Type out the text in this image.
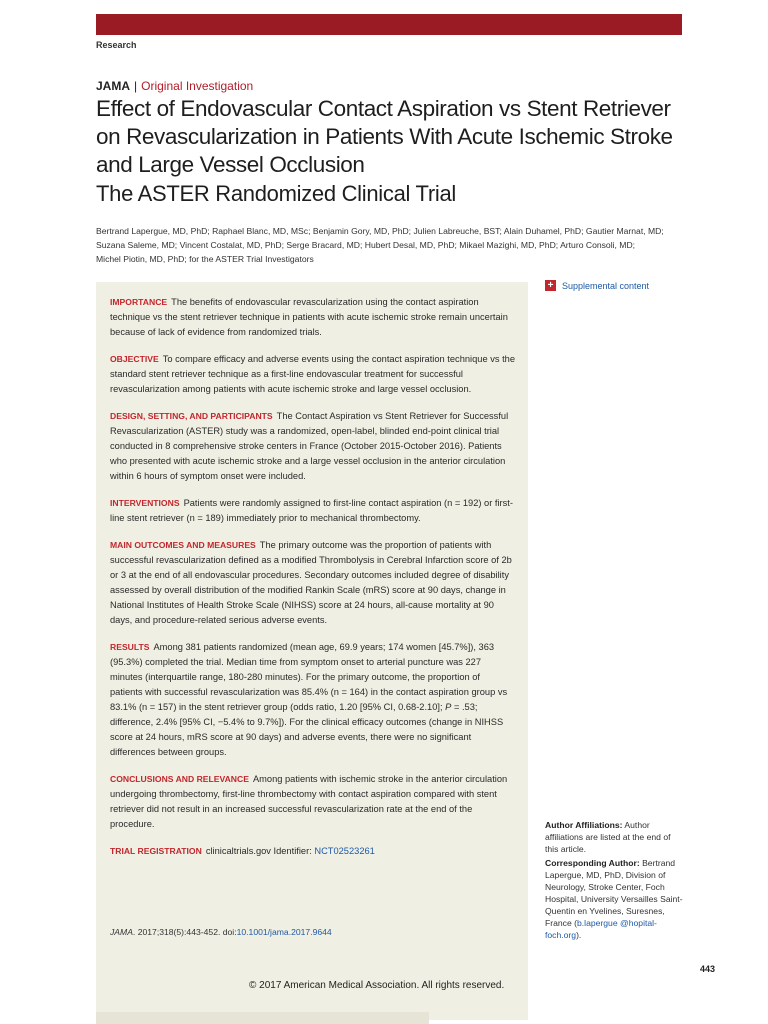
Research
JAMA | Original Investigation
Effect of Endovascular Contact Aspiration vs Stent Retriever on Revascularization in Patients With Acute Ischemic Stroke and Large Vessel Occlusion
The ASTER Randomized Clinical Trial
Bertrand Lapergue, MD, PhD; Raphael Blanc, MD, MSc; Benjamin Gory, MD, PhD; Julien Labreuche, BST; Alain Duhamel, PhD; Gautier Marnat, MD;
Suzana Saleme, MD; Vincent Costalat, MD, PhD; Serge Bracard, MD; Hubert Desal, MD, PhD; Mikael Mazighi, MD, PhD; Arturo Consoli, MD;
Michel Piotin, MD, PhD; for the ASTER Trial Investigators
+ Supplemental content

IMPORTANCE The benefits of endovascular revascularization using the contact aspiration technique vs the stent retriever technique in patients with acute ischemic stroke remain uncertain because of lack of evidence from randomized trials.

OBJECTIVE To compare efficacy and adverse events using the contact aspiration technique vs the standard stent retriever technique as a first-line endovascular treatment for successful revascularization among patients with acute ischemic stroke and large vessel occlusion.

DESIGN, SETTING, AND PARTICIPANTS The Contact Aspiration vs Stent Retriever for Successful Revascularization (ASTER) study was a randomized, open-label, blinded end-point clinical trial conducted in 8 comprehensive stroke centers in France (October 2015-October 2016). Patients who presented with acute ischemic stroke and a large vessel occlusion in the anterior circulation within 6 hours of symptom onset were included.

INTERVENTIONS Patients were randomly assigned to first-line contact aspiration (n = 192) or first-line stent retriever (n = 189) immediately prior to mechanical thrombectomy.

MAIN OUTCOMES AND MEASURES The primary outcome was the proportion of patients with successful revascularization defined as a modified Thrombolysis in Cerebral Infarction score of 2b or 3 at the end of all endovascular procedures. Secondary outcomes included degree of disability assessed by overall distribution of the modified Rankin Scale (mRS) score at 90 days, change in National Institutes of Health Stroke Scale (NIHSS) score at 24 hours, all-cause mortality at 90 days, and procedure-related serious adverse events.

RESULTS Among 381 patients randomized (mean age, 69.9 years; 174 women [45.7%]), 363 (95.3%) completed the trial. Median time from symptom onset to arterial puncture was 227 minutes (interquartile range, 180-280 minutes). For the primary outcome, the proportion of patients with successful revascularization was 85.4% (n = 164) in the contact aspiration group vs 83.1% (n = 157) in the stent retriever group (odds ratio, 1.20 [95% CI, 0.68-2.10]; P = .53; difference, 2.4% [95% CI, −5.4% to 9.7%]). For the clinical efficacy outcomes (change in NIHSS score at 24 hours, mRS score at 90 days) and adverse events, there were no significant differences between groups.

CONCLUSIONS AND RELEVANCE Among patients with ischemic stroke in the anterior circulation undergoing thrombectomy, first-line thrombectomy with contact aspiration compared with stent retriever did not result in an increased successful revascularization rate at the end of the procedure.

TRIAL REGISTRATION clinicaltrials.gov Identifier: NCT02523261

JAMA. 2017;318(5):443-452. doi:10.1001/jama.2017.9644
© 2017 American Medical Association. All rights reserved.
Author Affiliations: Author affiliations are listed at the end of this article.
Corresponding Author: Bertrand Lapergue, MD, PhD, Division of Neurology, Stroke Center, Foch Hospital, University Versailles Saint-Quentin en Yvelines, Suresnes, France (b.lapergue @hopital-foch.org).
443
